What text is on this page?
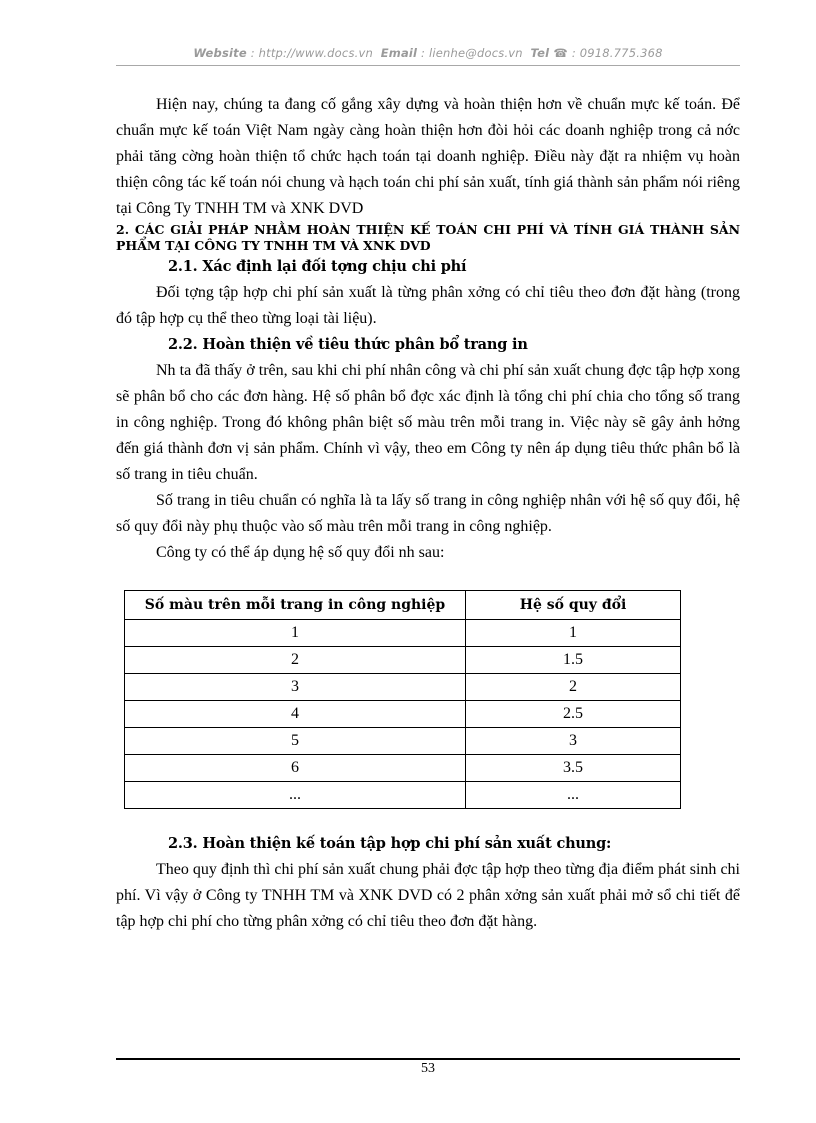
Website : http://www.docs.vn Email : lienhe@docs.vn Tel ☎ : 0918.775.368

Hiện nay, chúng ta đang cố gắng xây dựng và hoàn thiện hơn về chuẩn mực kế toán. Để chuẩn mực kế toán Việt Nam ngày càng hoàn thiện hơn đòi hỏi các doanh nghiệp trong cả nớc phải tăng cờng hoàn thiện tổ chức hạch toán tại doanh nghiệp. Điều này đặt ra nhiệm vụ hoàn thiện công tác kế toán nói chung và hạch toán chi phí sản xuất, tính giá thành sản phẩm nói riêng tại Công Ty TNHH TM và XNK DVD

2. CÁC GIẢI PHÁP NHẰM HOÀN THIỆN KẾ TOÁN CHI PHÍ VÀ TÍNH GIÁ THÀNH SẢN PHẨM TẠI CÔNG TY TNHH TM VÀ XNK DVD

2.1. Xác định lại đối tợng chịu chi phí

Đối tợng tập hợp chi phí sản xuất là từng phân xởng có chỉ tiêu theo đơn đặt hàng (trong đó tập hợp cụ thể theo từng loại tài liệu).

2.2. Hoàn thiện về tiêu thức phân bổ trang in

Nh ta đã thấy ở trên, sau khi chi phí nhân công và chi phí sản xuất chung đợc tập hợp xong sẽ phân bổ cho các đơn hàng. Hệ số phân bổ đợc xác định là tổng chi phí chia cho tổng số trang in công nghiệp. Trong đó không phân biệt số màu trên mỗi trang in. Việc này sẽ gây ảnh hởng đến giá thành đơn vị sản phẩm. Chính vì vậy, theo em Công ty nên áp dụng tiêu thức phân bổ là số trang in tiêu chuẩn.

Số trang in tiêu chuẩn có nghĩa là ta lấy số trang in công nghiệp nhân với hệ số quy đổi, hệ số quy đổi này phụ thuộc vào số màu trên mỗi trang in công nghiệp.

Công ty có thể áp dụng hệ số quy đổi nh sau:

Số màu trên mỗi trang in công nghiệp	Hệ số quy đổi
1	1
2	1.5
3	2
4	2.5
5	3
6	3.5
...	...

2.3. Hoàn thiện kế toán tập hợp chi phí sản xuất chung:

Theo quy định thì chi phí sản xuất chung phải đợc tập hợp theo từng địa điểm phát sinh chi phí. Vì vậy ở Công ty TNHH TM và XNK DVD có 2 phân xởng sản xuất phải mở sổ chi tiết để tập hợp chi phí cho từng phân xởng có chỉ tiêu theo đơn đặt hàng.

53
